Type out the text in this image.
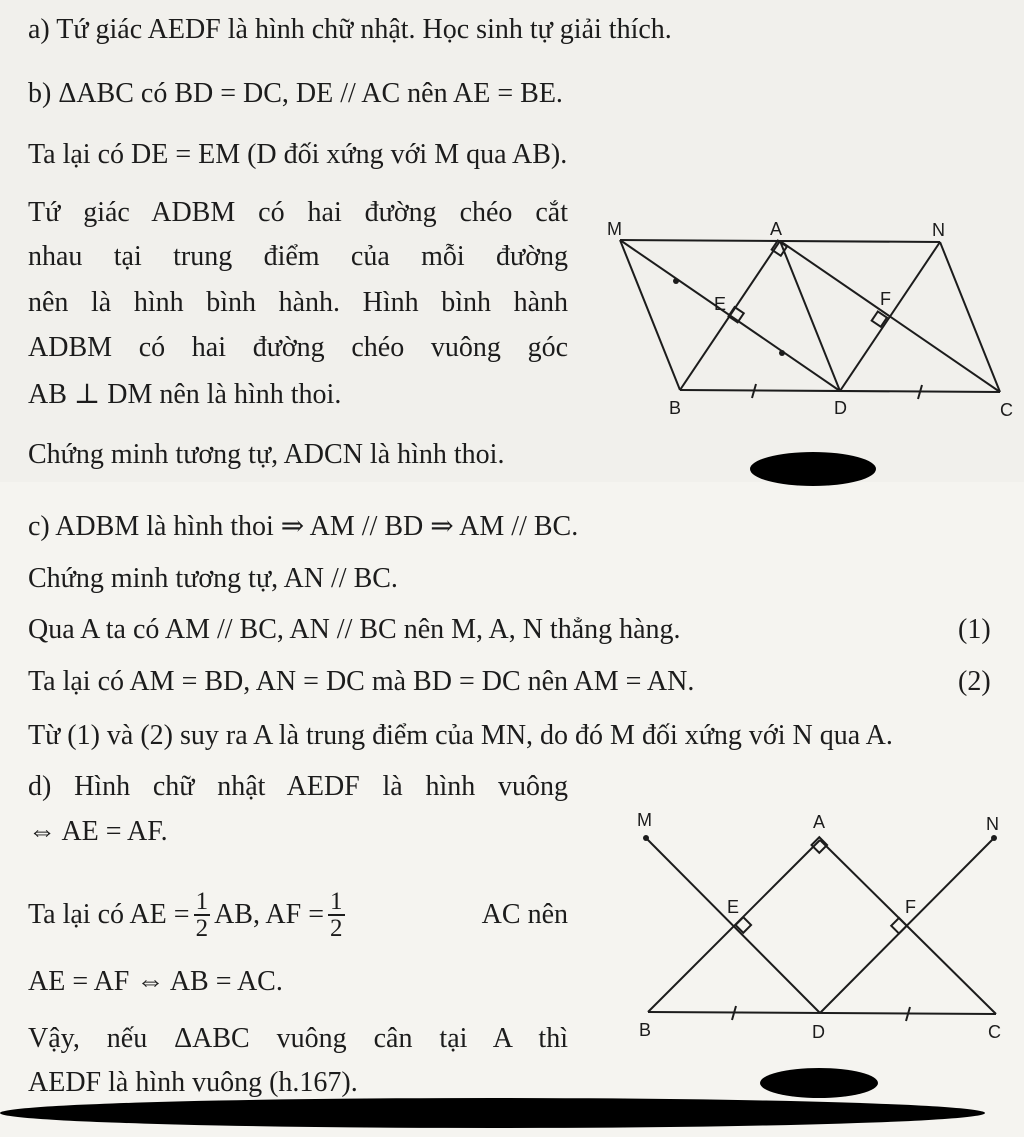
a) Tứ giác AEDF là hình chữ nhật. Học sinh tự giải thích.
b) ΔABC có BD = DC, DE // AC nên AE = BE.
Ta lại có DE = EM (D đối xứng với M qua AB).
Tứ giác ADBM có hai đường chéo cắt
nhau tại trung điểm của mỗi đường
nên là hình bình hành. Hình bình hành
ADBM có hai đường chéo vuông góc
AB ⊥ DM nên là hình thoi.
Chứng minh tương tự, ADCN là hình thoi.
M	A	N
E	F
B	D	C
c) ADBM là hình thoi ⇒ AM // BD ⇒ AM // BC.
Chứng minh tương tự, AN // BC.
Qua A ta có AM // BC, AN // BC nên M, A, N thẳng hàng.	(1)
Ta lại có AM = BD, AN = DC mà BD = DC nên AM = AN.	(2)
Từ (1) và (2) suy ra A là trung điểm của MN, do đó M đối xứng với N qua A.
d) Hình chữ nhật AEDF là hình vuông
⇔ AE = AF.
Ta lại có AE = $\frac{1}{2}$ AB, AF = $\frac{1}{2}$	AC nên
AE = AF ⇔ AB = AC.
Vậy, nếu ΔABC vuông cân tại A thì
AEDF là hình vuông (h.167).
M	A	N
E	F
B	D	C
